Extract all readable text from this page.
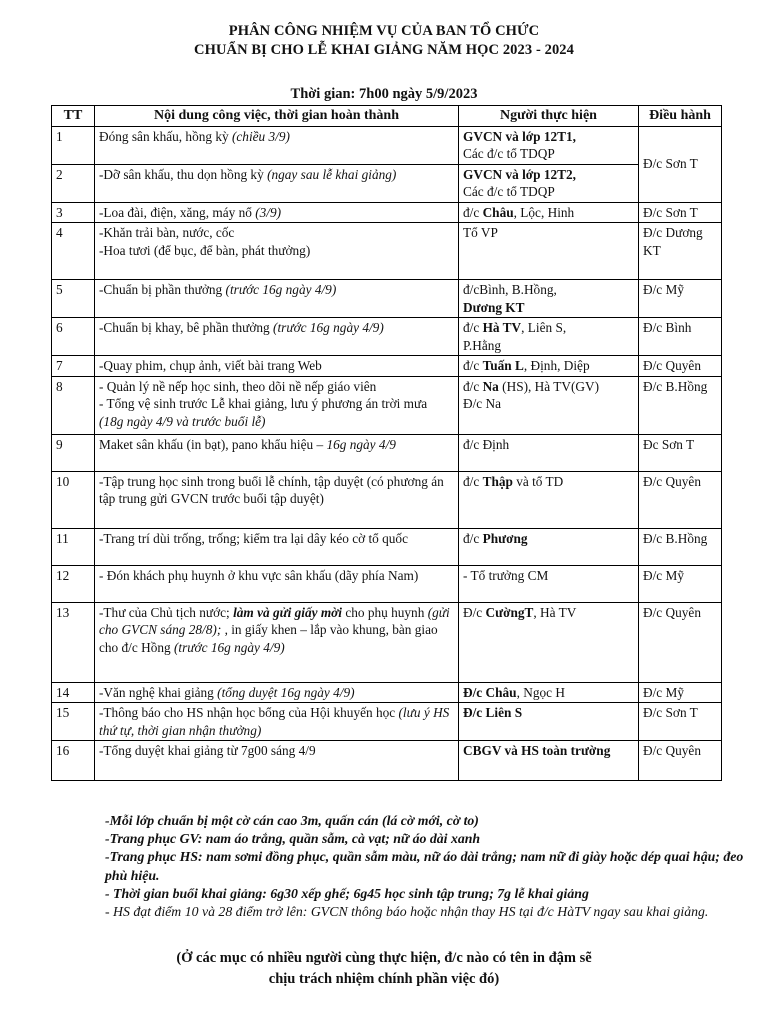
PHÂN CÔNG NHIỆM VỤ CỦA BAN TỔ CHỨC
CHUẨN BỊ CHO LỄ KHAI GIẢNG NĂM HỌC 2023 - 2024
Thời gian: 7h00 ngày 5/9/2023
TT	Nội dung công việc, thời gian hoàn thành	Người thực hiện	Điều hành
1	Đóng sân khấu, hồng kỳ (chiều 3/9)	GVCN và lớp 12T1,
Các đ/c tổ TDQP	Đ/c Sơn T
2	-Dỡ sân khấu, thu dọn hồng kỳ (ngay sau lễ khai giảng)	GVCN và lớp 12T2,
Các đ/c tổ TDQP	
3	-Loa đài, điện, xăng, máy nổ (3/9)	đ/c Châu, Lộc, Hinh	Đ/c Sơn T
4	-Khăn trải bàn, nước, cốc
-Hoa tươi (để bục, để bàn, phát thưởng)	Tổ VP	Đ/c Dương KT
5	-Chuẩn bị phần thưởng (trước 16g ngày 4/9)	đ/cBình, B.Hồng,
Dương KT	Đ/c Mỹ
6	-Chuẩn bị khay, bê phần thưởng (trước 16g ngày 4/9)	đ/c Hà TV, Liên S,
P.Hằng	Đ/c Bình
7	-Quay phim, chụp ảnh, viết bài trang Web	đ/c Tuấn L, Định, Diệp	Đ/c Quyên
8	- Quản lý nề nếp học sinh, theo dõi nề nếp giáo viên
- Tổng vệ sinh trước Lễ khai giảng, lưu ý phương án trời mưa (18g ngày 4/9 và trước buổi lễ)	đ/c Na (HS), Hà TV(GV)
Đ/c Na	Đ/c B.Hồng
9	Maket sân khấu (in bạt), pano khẩu hiệu – 16g ngày 4/9	đ/c Định	Đc Sơn T
10	-Tập trung học sinh trong buổi lễ chính, tập duyệt (có phương án tập trung gửi GVCN trước buổi tập duyệt)	đ/c Thập và tổ TD	Đ/c Quyên
11	-Trang trí dùi trống, trống; kiểm tra lại dây kéo cờ tổ quốc	đ/c Phương	Đ/c B.Hồng
12	- Đón khách phụ huynh ở khu vực sân khấu (dãy phía Nam)	- Tổ trưởng CM	Đ/c Mỹ
13	-Thư của Chủ tịch nước; làm và gửi giấy mời cho phụ huynh (gửi cho GVCN sáng 28/8); , in giấy khen – lắp vào khung, bàn giao cho đ/c Hồng (trước 16g ngày 4/9)	Đ/c CườngT, Hà TV	Đ/c Quyên
14	-Văn nghệ khai giảng (tổng duyệt 16g ngày 4/9)	Đ/c Châu, Ngọc H	Đ/c Mỹ
15	-Thông báo cho HS nhận học bổng của Hội khuyến học (lưu ý HS thứ tự, thời gian nhận thưởng)	Đ/c Liên S	Đ/c Sơn T
16	-Tổng duyệt khai giảng từ 7g00 sáng 4/9	CBGV và HS toàn trường	Đ/c Quyên

-Mỗi lớp chuẩn bị một cờ cán cao 3m, quấn cán (lá cờ mới, cờ to)

-Trang phục GV: nam áo trắng, quần sẫm, cà vạt; nữ áo dài xanh

-Trang phục HS: nam sơmi đồng phục, quần sẫm màu, nữ áo dài trắng; nam nữ đi giày hoặc dép quai hậu; đeo phù hiệu.

- Thời gian buổi khai giảng: 6g30 xếp ghế; 6g45 học sinh tập trung; 7g lễ khai giảng

- HS đạt điểm 10 và 28 điểm trở lên: GVCN thông báo hoặc nhận thay HS tại đ/c HàTV ngay sau khai giảng.

(Ở các mục có nhiều người cùng thực hiện, đ/c nào có tên in đậm sẽ
chịu trách nhiệm chính phần việc đó)
